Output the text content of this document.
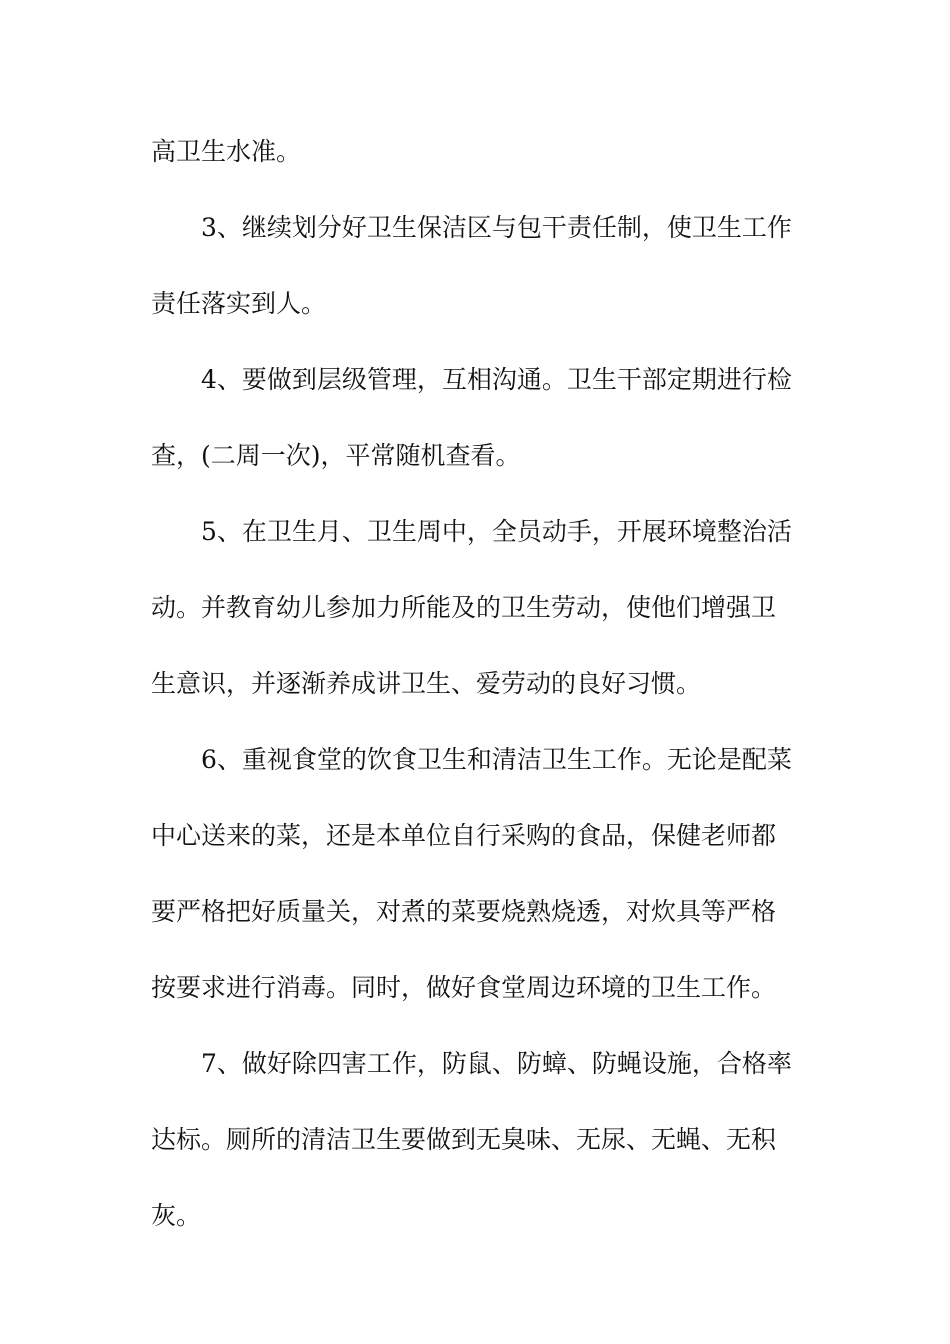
高卫生水准。
3、继续划分好卫生保洁区与包干责任制，使卫生工作
责任落实到人。
4、要做到层级管理，互相沟通。卫生干部定期进行检
查，(二周一次)，平常随机查看。
5、在卫生月、卫生周中，全员动手，开展环境整治活
动。并教育幼儿参加力所能及的卫生劳动，使他们增强卫
生意识，并逐渐养成讲卫生、爱劳动的良好习惯。
6、重视食堂的饮食卫生和清洁卫生工作。无论是配菜
中心送来的菜，还是本单位自行采购的食品，保健老师都
要严格把好质量关，对煮的菜要烧熟烧透，对炊具等严格
按要求进行消毒。同时，做好食堂周边环境的卫生工作。
7、做好除四害工作，防鼠、防蟑、防蝇设施，合格率
达标。厕所的清洁卫生要做到无臭味、无尿、无蝇、无积
灰。
